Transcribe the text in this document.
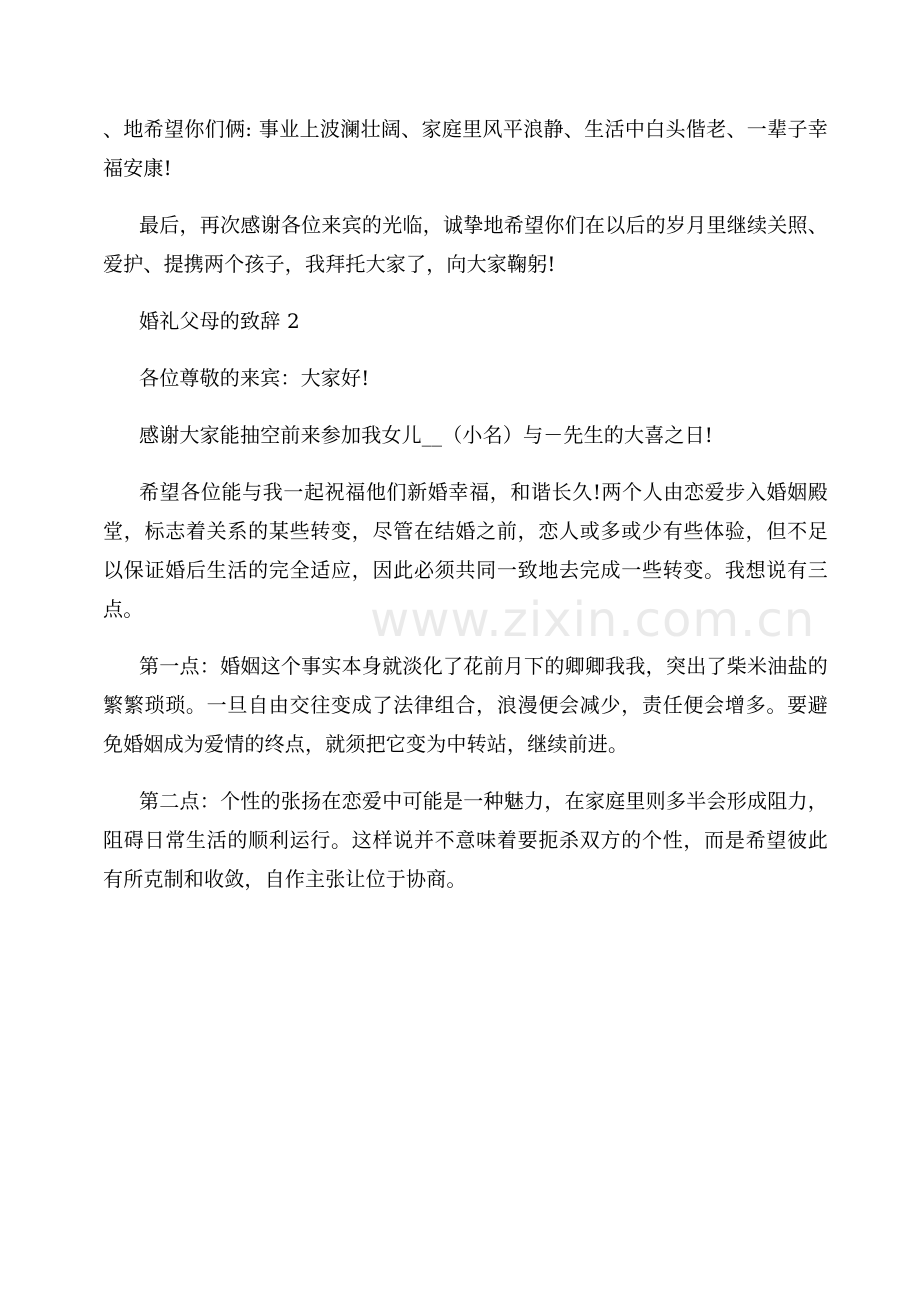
、地希望你们俩: 事业上波澜壮阔、家庭里风平浪静、生活中白头偕老、一辈子幸福安康!

最后，再次感谢各位来宾的光临，诚挚地希望你们在以后的岁月里继续关照、爱护、提携两个孩子，我拜托大家了，向大家鞠躬!

婚礼父母的致辞 2

各位尊敬的来宾：大家好!

感谢大家能抽空前来参加我女儿__（小名）与－先生的大喜之日!

希望各位能与我一起祝福他们新婚幸福，和谐长久!两个人由恋爱步入婚姻殿堂，标志着关系的某些转变，尽管在结婚之前，恋人或多或少有些体验，但不足以保证婚后生活的完全适应，因此必须共同一致地去完成一些转变。我想说有三点。

第一点：婚姻这个事实本身就淡化了花前月下的卿卿我我，突出了柴米油盐的繁繁琐琐。一旦自由交往变成了法律组合，浪漫便会减少，责任便会增多。要避免婚姻成为爱情的终点，就须把它变为中转站，继续前进。

第二点：个性的张扬在恋爱中可能是一种魅力，在家庭里则多半会形成阻力，阻碍日常生活的顺利运行。这样说并不意味着要扼杀双方的个性，而是希望彼此有所克制和收敛，自作主张让位于协商。

www.zixin.com.cn
